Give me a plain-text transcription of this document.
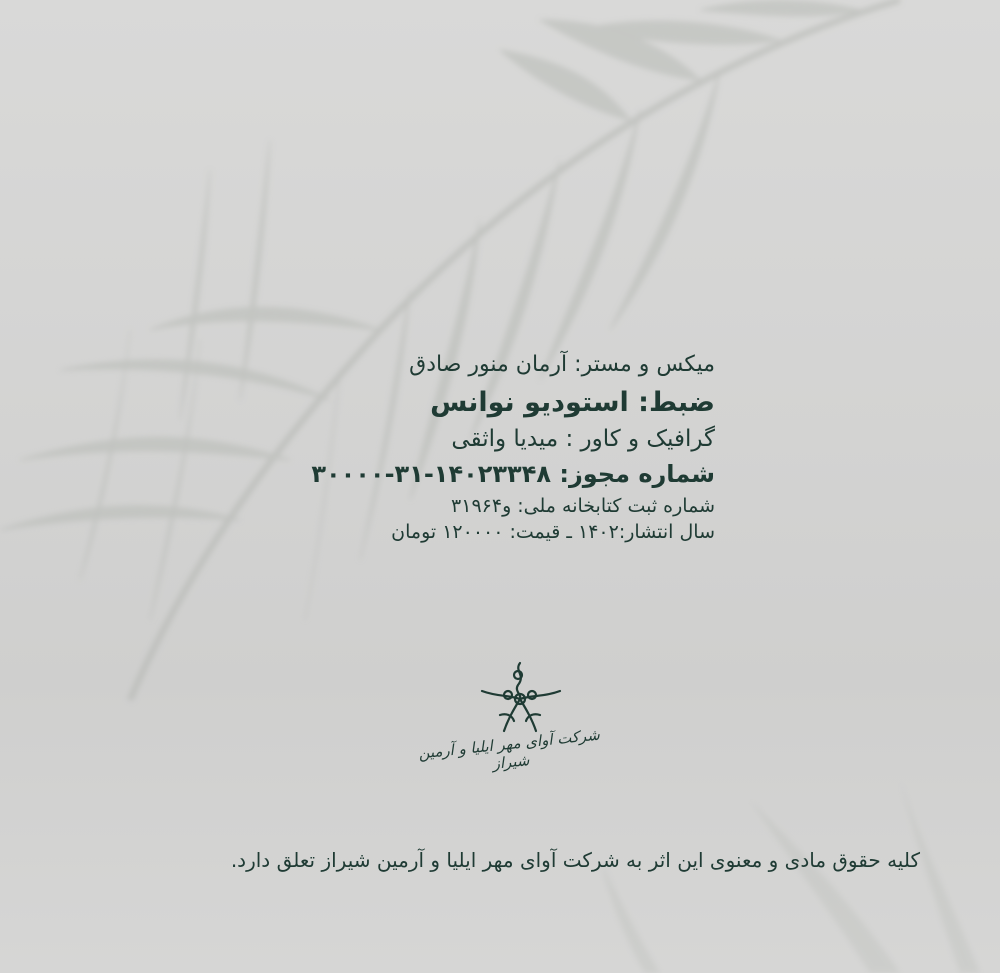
میکس و مستر: آرمان منور صادق
ضبط: استودیو نوانس
گرافیک و کاور : میدیا واثقی
شماره مجوز: ۱۴۰۲۳۳۴۸-۳۱-۳۰۰۰۰
شماره ثبت کتابخانه ملی: و۳۱۹۶۴
سال انتشار:۱۴۰۲ ـ قیمت: ۱۲۰۰۰۰ تومان
شرکت آوای مهر ایلیا و آرمین شیراز
کلیه حقوق مادی و معنوی این اثر به شرکت آوای مهر ایلیا و آرمین شیراز تعلق دارد.
